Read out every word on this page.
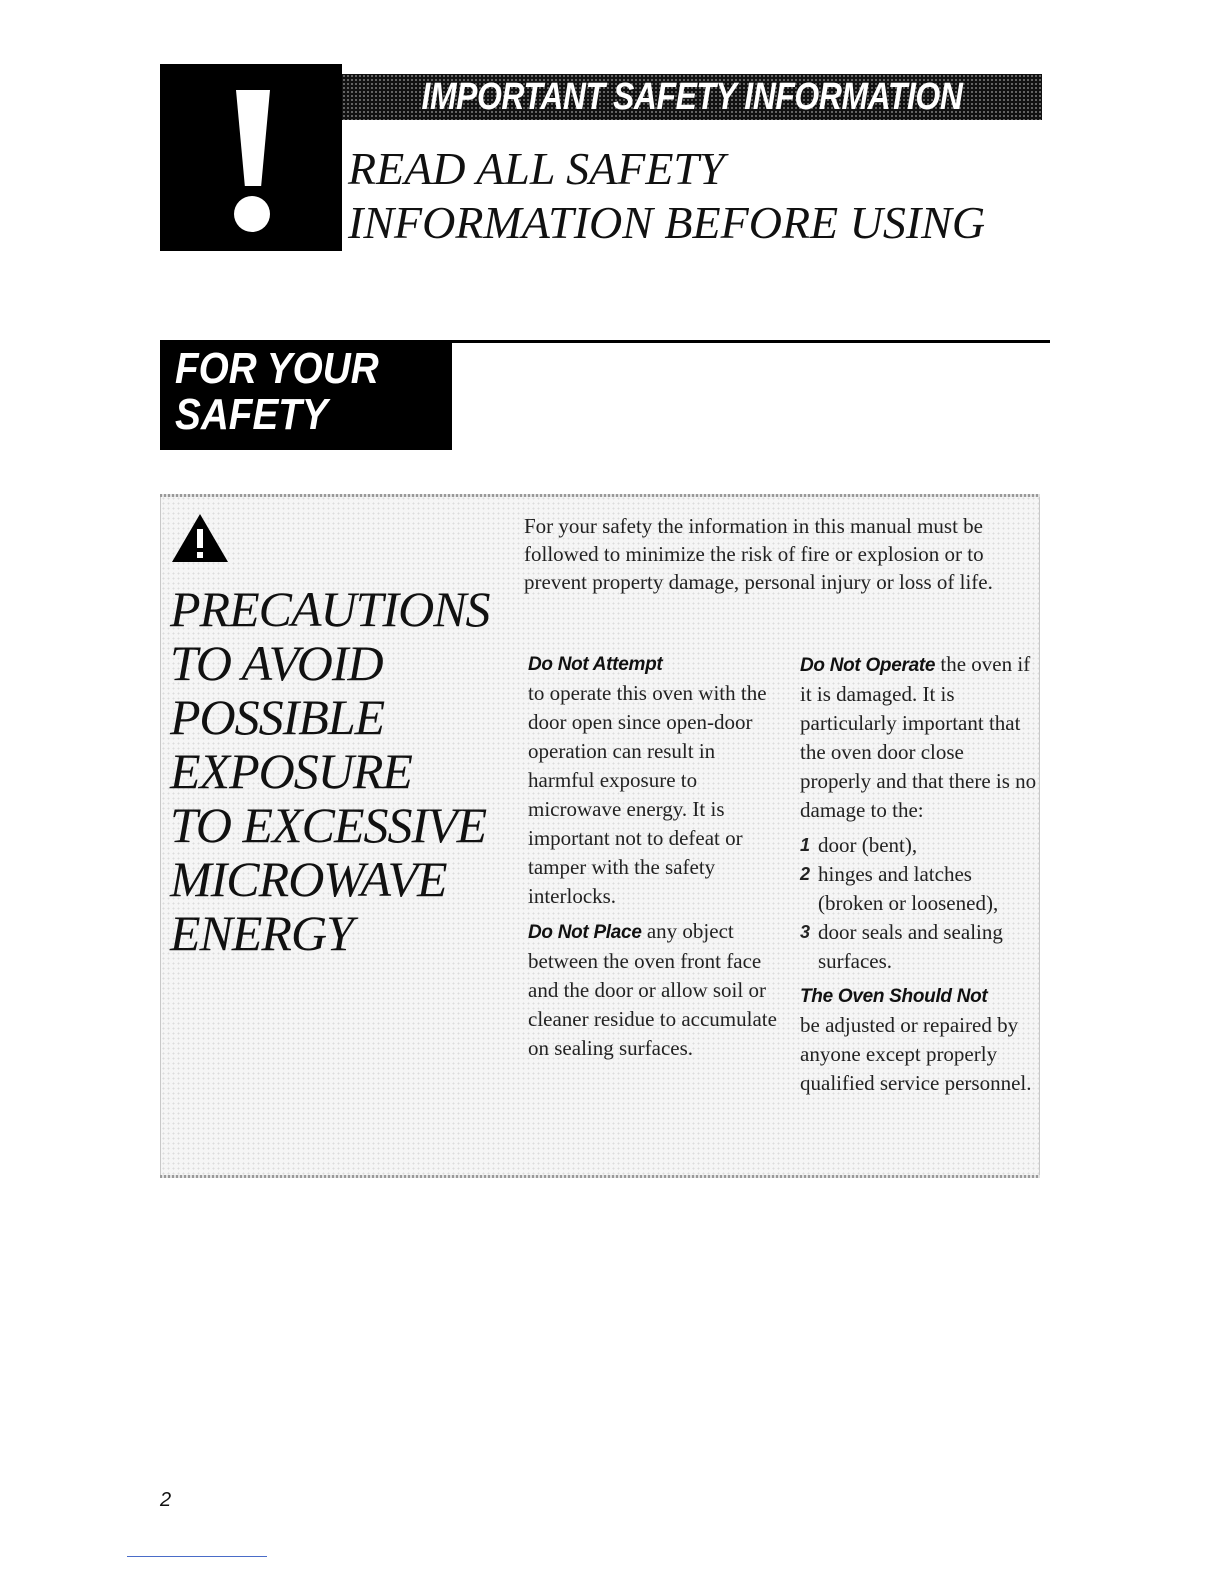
IMPORTANT SAFETY INFORMATION
READ ALL SAFETY
INFORMATION BEFORE USING
FOR YOUR
SAFETY
PRECAUTIONS
TO AVOID
POSSIBLE
EXPOSURE
TO EXCESSIVE
MICROWAVE
ENERGY
For your safety the information in this manual must be followed to minimize the risk of fire or explosion or to prevent property damage, personal injury or loss of life.
Do Not Attempt
to operate this oven with the door open since open-door operation can result in harmful exposure to microwave energy. It is important not to defeat or tamper with the safety interlocks.
Do Not Place any object between the oven front face and the door or allow soil or cleaner residue to accumulate on sealing surfaces.
Do Not Operate the oven if it is damaged. It is particularly important that the oven door close properly and that there is no damage to the:
1 door (bent),
2 hinges and latches (broken or loosened),
3 door seals and sealing surfaces.
The Oven Should Not
be adjusted or repaired by anyone except properly qualified service personnel.
2
